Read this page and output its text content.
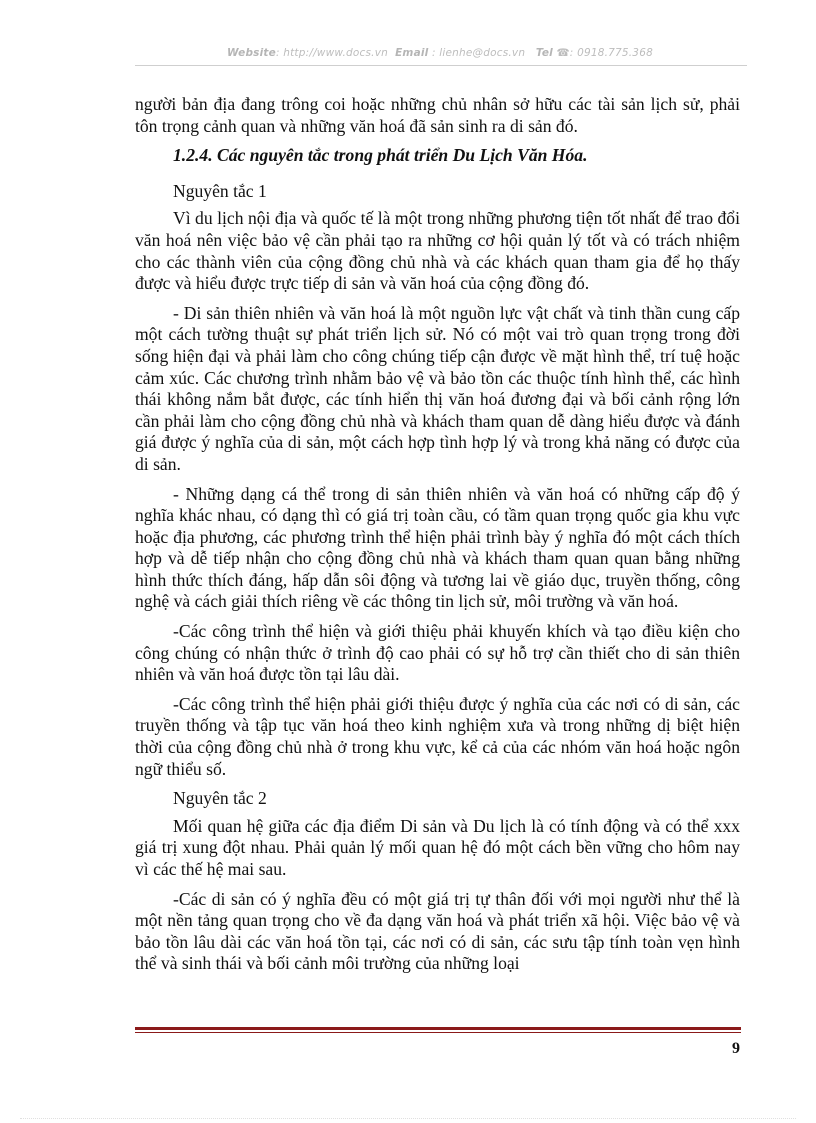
Website: http://www.docs.vn Email : lienhe@docs.vn Tel ☎: 0918.775.368

người bản địa đang trông coi hoặc những chủ nhân sở hữu các tài sản lịch sử, phải tôn trọng cảnh quan và những văn hoá đã sản sinh ra di sản đó.

1.2.4. Các nguyên tắc trong phát triển Du Lịch Văn Hóa.

Nguyên tắc 1

Vì du lịch nội địa và quốc tế là một trong những phương tiện tốt nhất để trao đổi văn hoá nên việc bảo vệ cần phải tạo ra những cơ hội quản lý tốt và có trách nhiệm cho các thành viên của cộng đồng chủ nhà và các khách quan tham gia để họ thấy được và hiểu được trực tiếp di sản và văn hoá của cộng đồng đó.

- Di sản thiên nhiên và văn hoá là một nguồn lực vật chất và tinh thần cung cấp một cách tường thuật sự phát triển lịch sử. Nó có một vai trò quan trọng trong đời sống hiện đại và phải làm cho công chúng tiếp cận được về mặt hình thể, trí tuệ hoặc cảm xúc. Các chương trình nhằm bảo vệ và bảo tồn các thuộc tính hình thể, các hình thái không nắm bắt được, các tính hiển thị văn hoá đương đại và bối cảnh rộng lớn cần phải làm cho cộng đồng chủ nhà và khách tham quan dễ dàng hiểu được và đánh giá được ý nghĩa của di sản, một cách hợp tình hợp lý và trong khả năng có được của di sản.

- Những dạng cá thể trong di sản thiên nhiên và văn hoá có những cấp độ ý nghĩa khác nhau, có dạng thì có giá trị toàn cầu, có tầm quan trọng quốc gia khu vực hoặc địa phương, các phương trình thể hiện phải trình bày ý nghĩa đó một cách thích hợp và dễ tiếp nhận cho cộng đồng chủ nhà và khách tham quan quan bằng những hình thức thích đáng, hấp dẫn sôi động và tương lai về giáo dục, truyền thống, công nghệ và cách giải thích riêng về các thông tin lịch sử, môi trường và văn hoá.

-Các công trình thể hiện và giới thiệu phải khuyến khích và tạo điều kiện cho công chúng có nhận thức ở trình độ cao phải có sự hỗ trợ cần thiết cho di sản thiên nhiên và văn hoá được tồn tại lâu dài.

-Các công trình thể hiện phải giới thiệu được ý nghĩa của các nơi có di sản, các truyền thống và tập tục văn hoá theo kinh nghiệm xưa và trong những dị biệt hiện thời của cộng đồng chủ nhà ở trong khu vực, kể cả của các nhóm văn hoá hoặc ngôn ngữ thiểu số.

Nguyên tắc 2

Mối quan hệ giữa các địa điểm Di sản và Du lịch là có tính động và có thể xxx giá trị xung đột nhau. Phải quản lý mối quan hệ đó một cách bền vững cho hôm nay vì các thế hệ mai sau.

-Các di sản có ý nghĩa đều có một giá trị tự thân đối với mọi người như thể là một nền tảng quan trọng cho về đa dạng văn hoá và phát triển xã hội. Việc bảo vệ và bảo tồn lâu dài các văn hoá tồn tại, các nơi có di sản, các sưu tập tính toàn vẹn hình thể và sinh thái và bối cảnh môi trường của những loại

9
